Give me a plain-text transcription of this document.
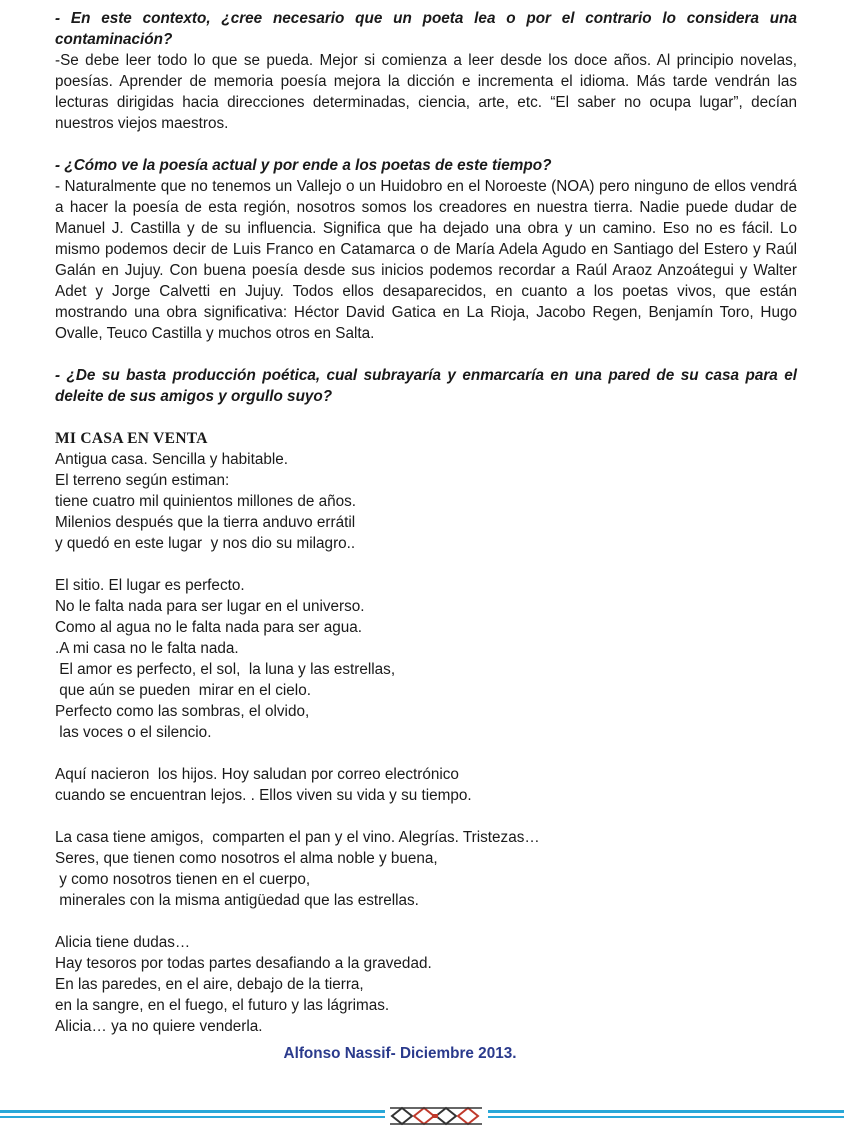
- En este contexto, ¿cree necesario que un poeta lea o por el contrario lo considera una contaminación?

-Se debe leer todo lo que se pueda. Mejor si comienza a leer desde los doce años. Al principio novelas, poesías. Aprender de memoria poesía mejora la dicción e incrementa el idioma. Más tarde vendrán las lecturas dirigidas hacia direcciones determinadas, ciencia, arte, etc. “El saber no ocupa lugar”, decían nuestros viejos maestros.

- ¿Cómo ve la poesía actual y por ende a los poetas de este tiempo?

- Naturalmente que no tenemos un Vallejo o un Huidobro en el Noroeste (NOA) pero ninguno de ellos vendrá a hacer la poesía de esta región, nosotros somos los creadores en nuestra tierra. Nadie puede dudar de Manuel J. Castilla y de su influencia. Significa que ha dejado una obra y un camino. Eso no es fácil. Lo mismo podemos decir de Luis Franco en Catamarca o de María Adela Agudo en Santiago del Estero y Raúl Galán en Jujuy. Con buena poesía desde sus inicios podemos recordar a Raúl Araoz Anzoátegui y Walter Adet y Jorge Calvetti en Jujuy. Todos ellos desaparecidos, en cuanto a los poetas vivos, que están mostrando una obra significativa: Héctor David Gatica en La Rioja, Jacobo Regen, Benjamín Toro, Hugo Ovalle, Teuco Castilla y muchos otros en Salta.

- ¿De su basta producción poética, cual subrayaría y enmarcaría en una pared de su casa para el deleite de sus amigos y orgullo suyo?

MI CASA EN VENTA
Antigua casa. Sencilla y habitable.
El terreno según estiman:
tiene cuatro mil quinientos millones de años.
Milenios después que la tierra anduvo errátil
y quedó en este lugar  y nos dio su milagro..
El sitio. El lugar es perfecto.
No le falta nada para ser lugar en el universo.
Como al agua no le falta nada para ser agua.
.A mi casa no le falta nada.
El amor es perfecto, el sol,  la luna y las estrellas,
que aún se pueden  mirar en el cielo.
Perfecto como las sombras, el olvido,
las voces o el silencio.
Aquí nacieron  los hijos. Hoy saludan por correo electrónico
cuando se encuentran lejos. . Ellos viven su vida y su tiempo.
La casa tiene amigos,  comparten el pan y el vino. Alegrías. Tristezas…
Seres, que tienen como nosotros el alma noble y buena,
y como nosotros tienen en el cuerpo,
minerales con la misma antigüedad que las estrellas.
Alicia tiene dudas…
Hay tesoros por todas partes desafiando a la gravedad.
En las paredes, en el aire, debajo de la tierra,
en la sangre, en el fuego, el futuro y las lágrimas.
Alicia… ya no quiere venderla.
Alfonso Nassif- Diciembre 2013.
